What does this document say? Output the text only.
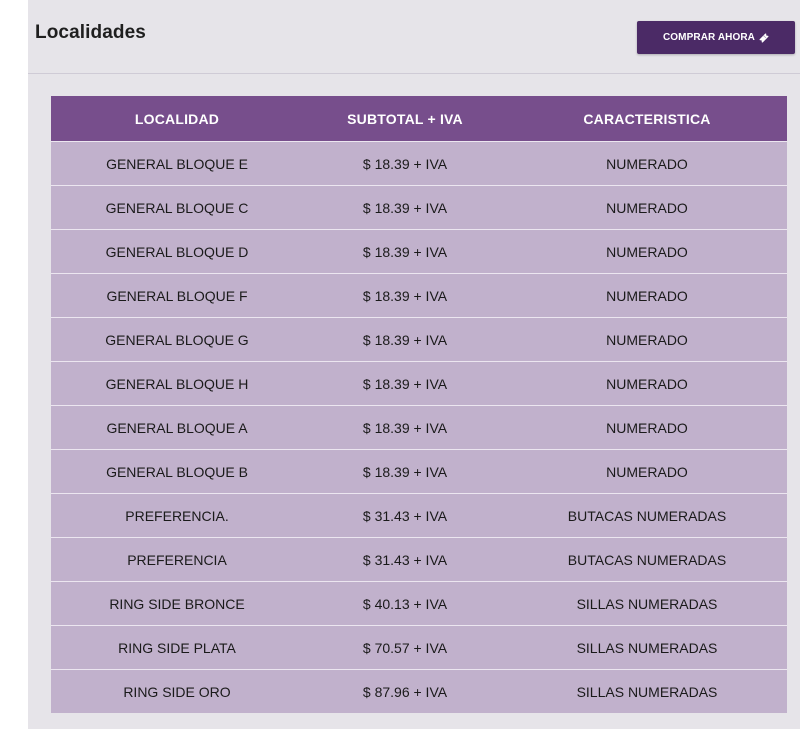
Localidades	COMPRAR AHORA
LOCALIDAD	SUBTOTAL + IVA	CARACTERISTICA
GENERAL BLOQUE E	$ 18.39 + IVA	NUMERADO
GENERAL BLOQUE C	$ 18.39 + IVA	NUMERADO
GENERAL BLOQUE D	$ 18.39 + IVA	NUMERADO
GENERAL BLOQUE F	$ 18.39 + IVA	NUMERADO
GENERAL BLOQUE G	$ 18.39 + IVA	NUMERADO
GENERAL BLOQUE H	$ 18.39 + IVA	NUMERADO
GENERAL BLOQUE A	$ 18.39 + IVA	NUMERADO
GENERAL BLOQUE B	$ 18.39 + IVA	NUMERADO
PREFERENCIA.	$ 31.43 + IVA	BUTACAS NUMERADAS
PREFERENCIA	$ 31.43 + IVA	BUTACAS NUMERADAS
RING SIDE BRONCE	$ 40.13 + IVA	SILLAS NUMERADAS
RING SIDE PLATA	$ 70.57 + IVA	SILLAS NUMERADAS
RING SIDE ORO	$ 87.96 + IVA	SILLAS NUMERADAS
